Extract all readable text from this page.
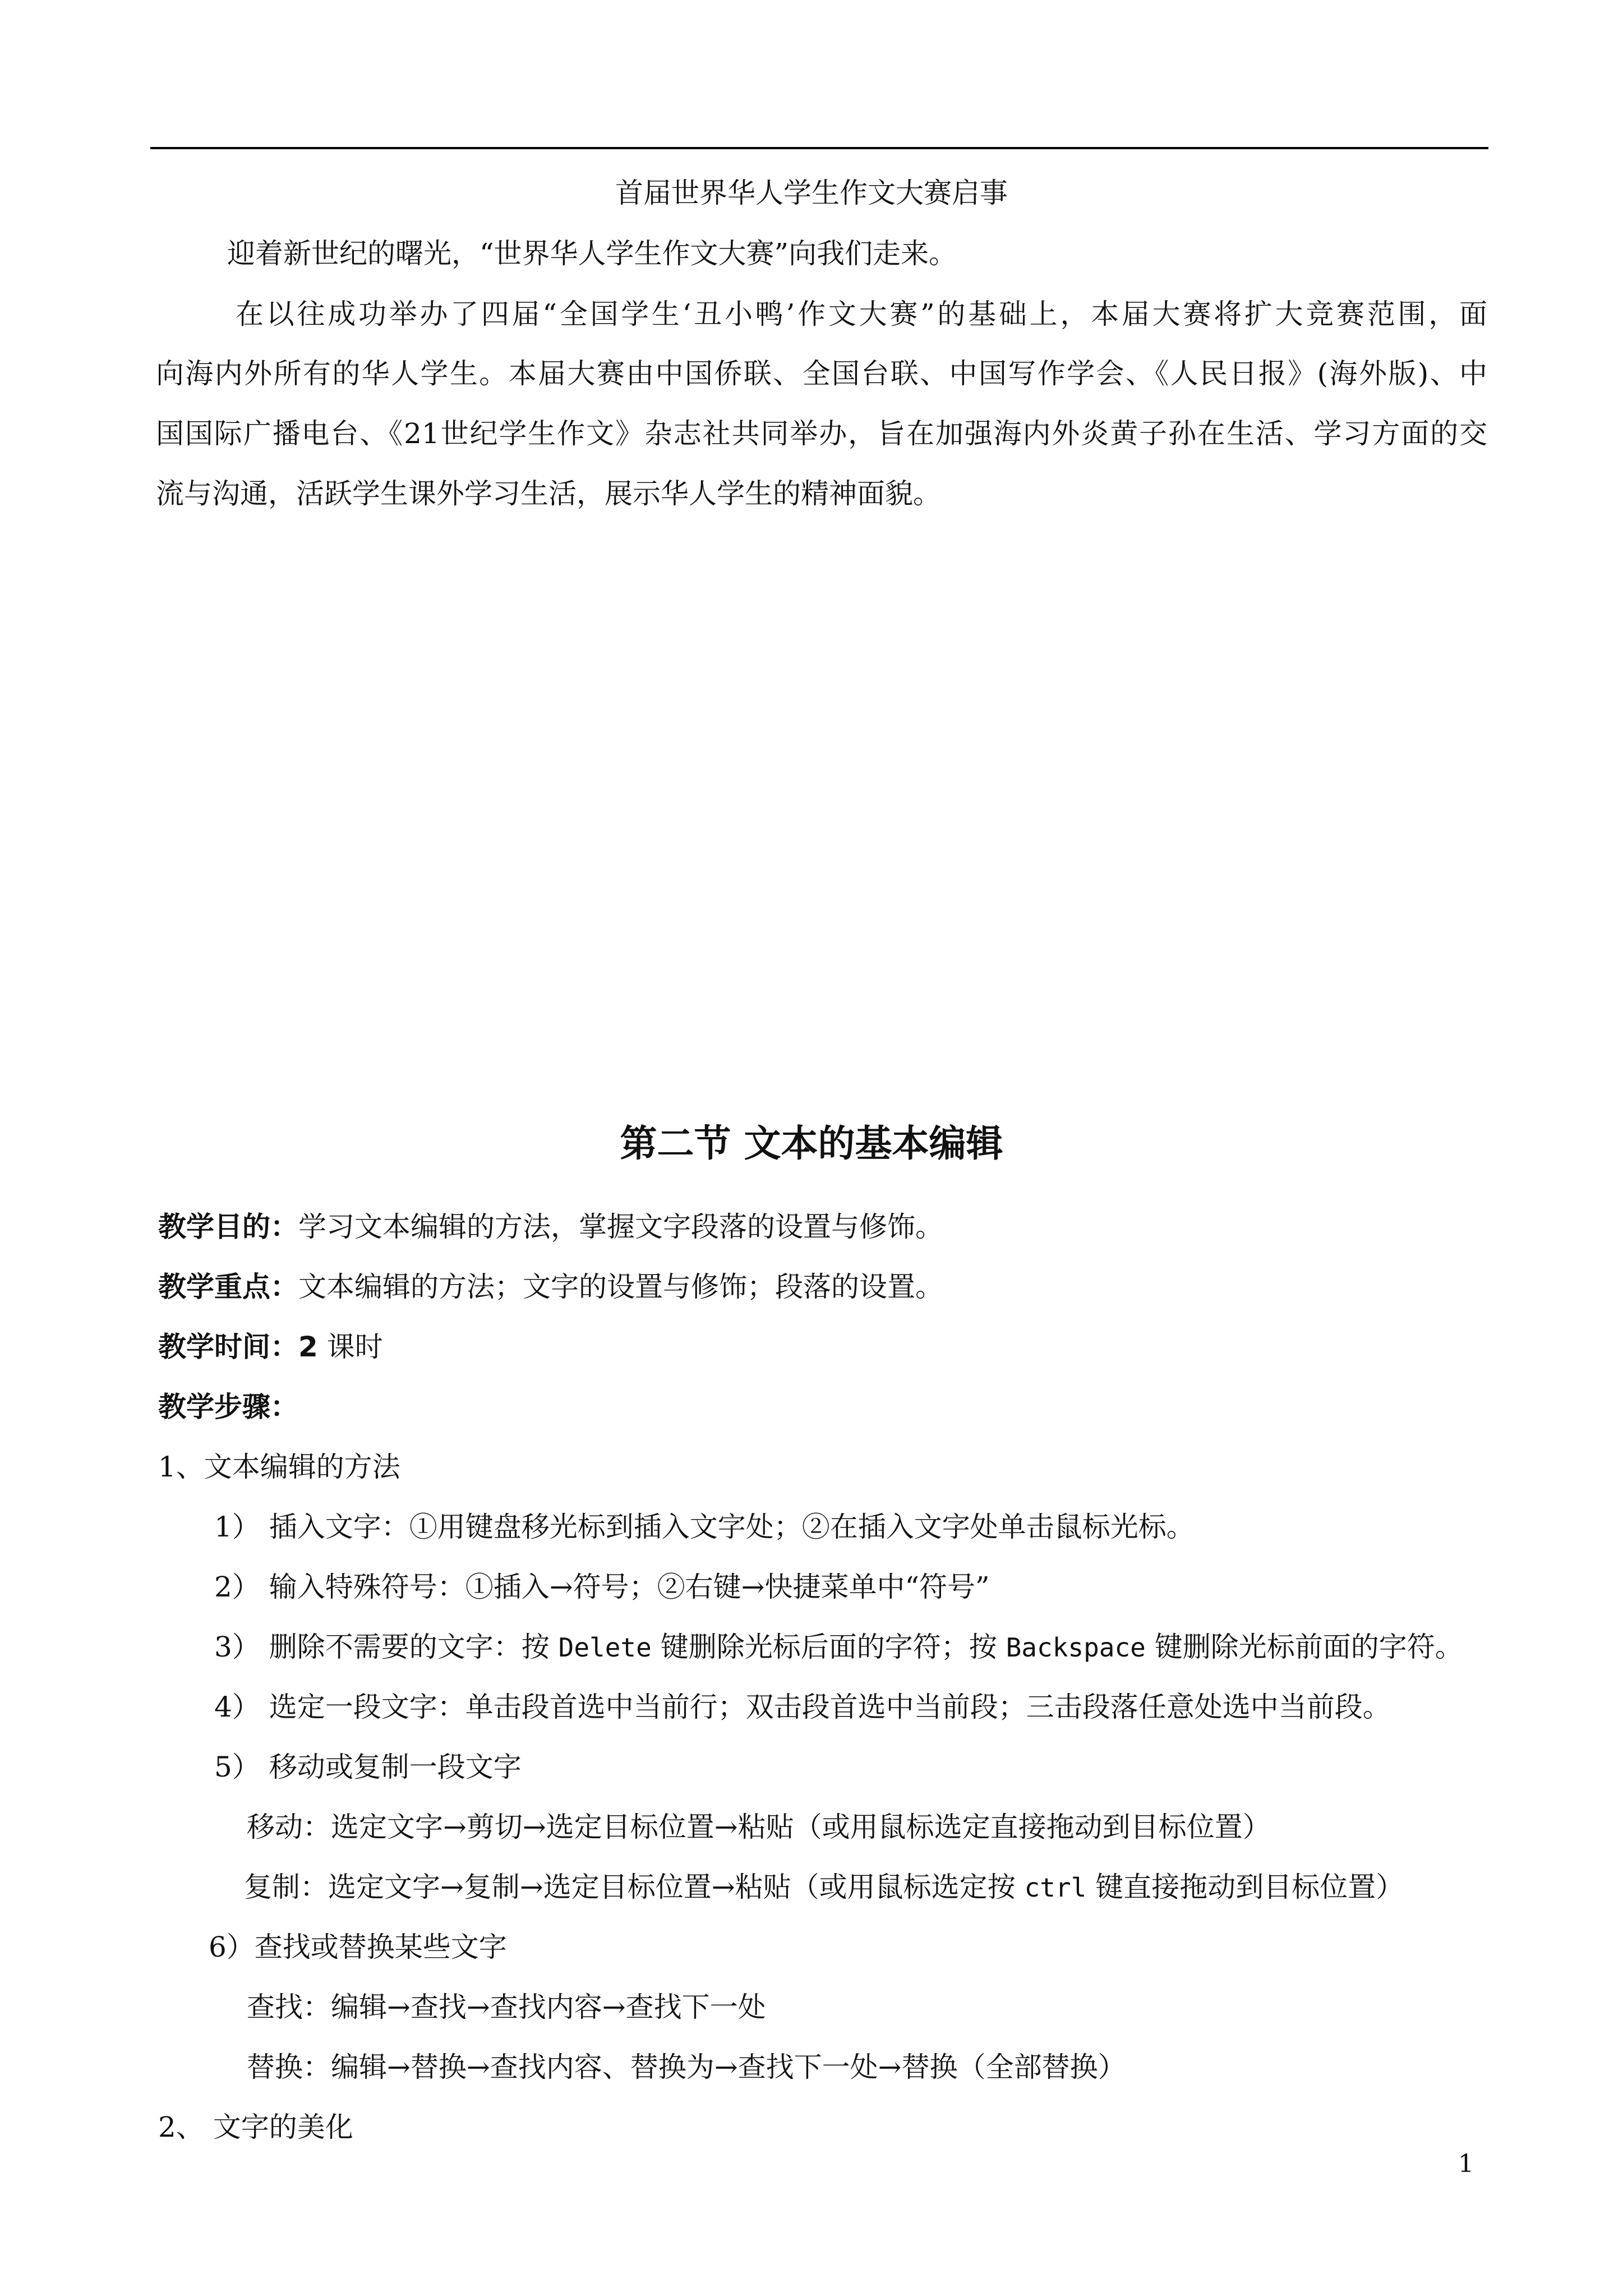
首届世界华人学生作文大赛启事
迎着新世纪的曙光，“世界华人学生作文大赛”向我们走来。
在以往成功举办了四届“全国学生‘丑小鸭’作文大赛”的基础上，本届大赛将扩大竞赛范围，面
向海内外所有的华人学生。本届大赛由中国侨联、全国台联、中国写作学会、《人民日报》(海外版)、中
国国际广播电台、《21世纪学生作文》杂志社共同举办，旨在加强海内外炎黄子孙在生活、学习方面的交
流与沟通，活跃学生课外学习生活，展示华人学生的精神面貌。
第二节 文本的基本编辑
教学目的：学习文本编辑的方法，掌握文字段落的设置与修饰。
教学重点：文本编辑的方法；文字的设置与修饰；段落的设置。
教学时间：2 课时
教学步骤：
1、文本编辑的方法
1） 插入文字：①用键盘移光标到插入文字处；②在插入文字处单击鼠标光标。
2） 输入特殊符号：①插入→符号；②右键→快捷菜单中“符号”
3） 删除不需要的文字：按 Delete 键删除光标后面的字符；按 Backspace 键删除光标前面的字符。
4） 选定一段文字：单击段首选中当前行；双击段首选中当前段；三击段落任意处选中当前段。
5） 移动或复制一段文字
移动：选定文字→剪切→选定目标位置→粘贴（或用鼠标选定直接拖动到目标位置）
复制：选定文字→复制→选定目标位置→粘贴（或用鼠标选定按 ctrl 键直接拖动到目标位置）
6）查找或替换某些文字
查找：编辑→查找→查找内容→查找下一处
替换：编辑→替换→查找内容、替换为→查找下一处→替换（全部替换）
2、 文字的美化
1
